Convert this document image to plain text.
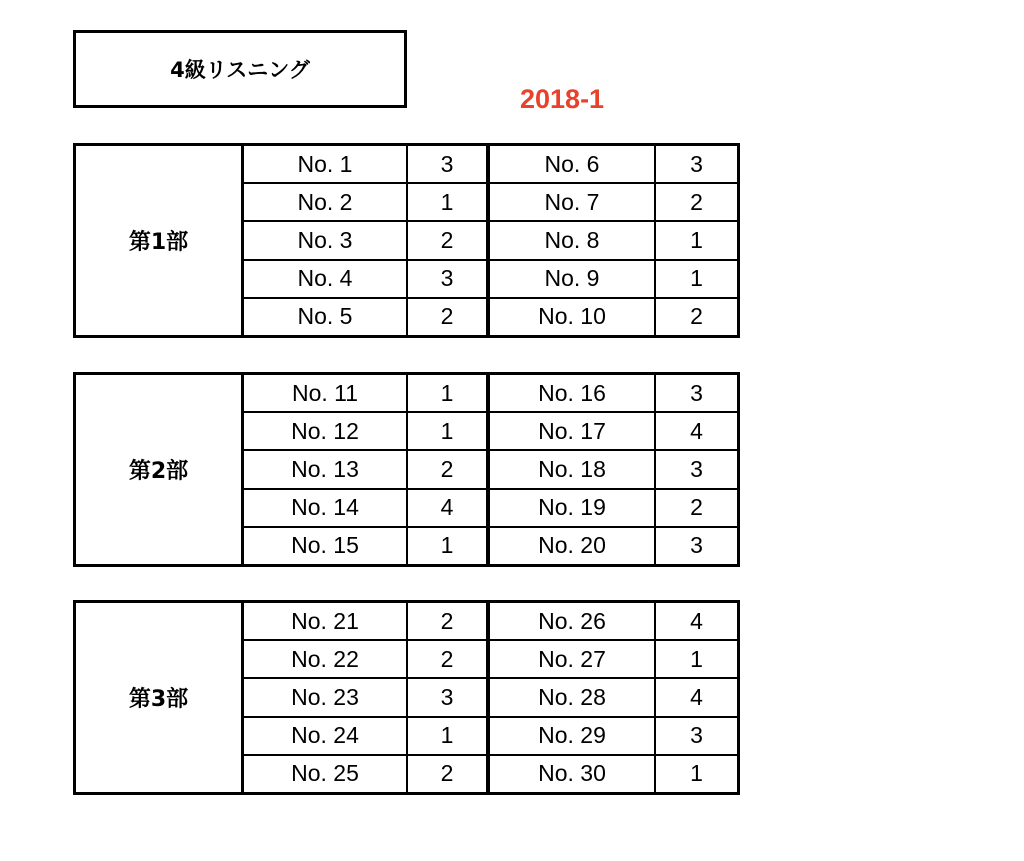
4級リスニング
2018-1
第1部
No. 1	3	No. 6	3
No. 2	1	No. 7	2
No. 3	2	No. 8	1
No. 4	3	No. 9	1
No. 5	2	No. 10	2
第2部
No. 11	1	No. 16	3
No. 12	1	No. 17	4
No. 13	2	No. 18	3
No. 14	4	No. 19	2
No. 15	1	No. 20	3
第3部
No. 21	2	No. 26	4
No. 22	2	No. 27	1
No. 23	3	No. 28	4
No. 24	1	No. 29	3
No. 25	2	No. 30	1
